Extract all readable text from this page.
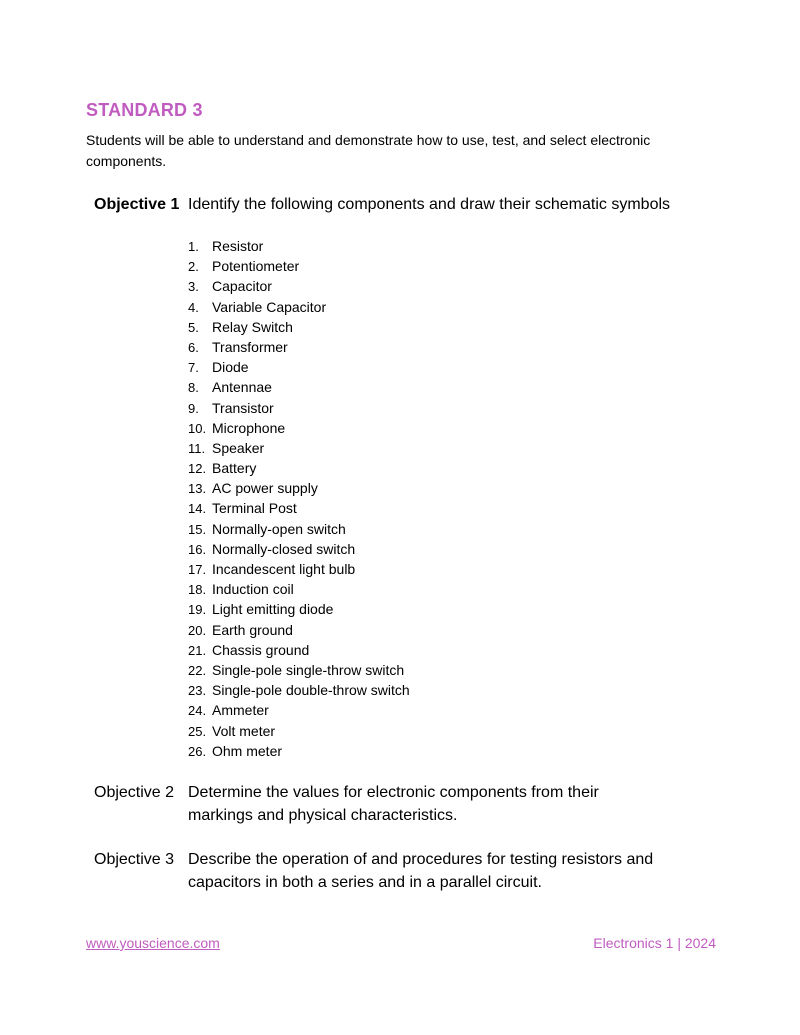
STANDARD 3
Students will be able to understand and demonstrate how to use, test, and select electronic components.
Objective 1 Identify the following components and draw their schematic symbols
1. Resistor
2. Potentiometer
3. Capacitor
4. Variable Capacitor
5. Relay Switch
6. Transformer
7. Diode
8. Antennae
9. Transistor
10. Microphone
11. Speaker
12. Battery
13. AC power supply
14. Terminal Post
15. Normally-open switch
16. Normally-closed switch
17. Incandescent light bulb
18. Induction coil
19. Light emitting diode
20. Earth ground
21. Chassis ground
22. Single-pole single-throw switch
23. Single-pole double-throw switch
24. Ammeter
25. Volt meter
26. Ohm meter
Objective 2 Determine the values for electronic components from their markings and physical characteristics.
Objective 3 Describe the operation of and procedures for testing resistors and capacitors in both a series and in a parallel circuit.
www.youscience.com	Electronics 1 | 2024
